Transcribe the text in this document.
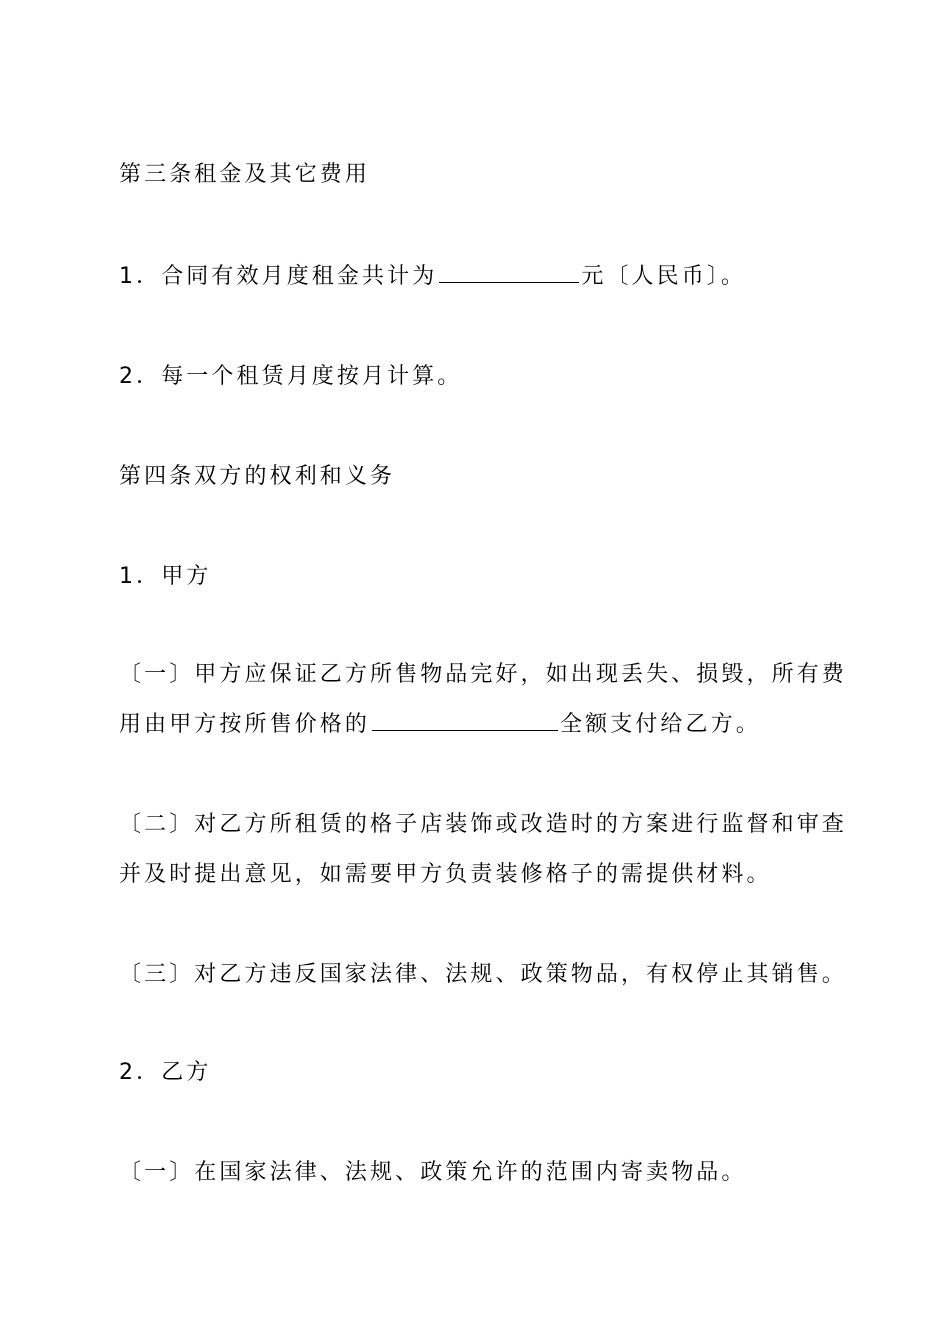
第三条租金及其它费用
1．合同有效月度租金共计为	元〔人民币〕。
2．每一个租赁月度按月计算。
第四条双方的权利和义务
1．甲方
〔一〕甲方应保证乙方所售物品完好，如出现丢失、损毁，所有费
用由甲方按所售价格的	全额支付给乙方。
〔二〕对乙方所租赁的格子店装饰或改造时的方案进行监督和审查
并及时提出意见，如需要甲方负责装修格子的需提供材料。
〔三〕对乙方违反国家法律、法规、政策物品，有权停止其销售。
2．乙方
〔一〕在国家法律、法规、政策允许的范围内寄卖物品。
